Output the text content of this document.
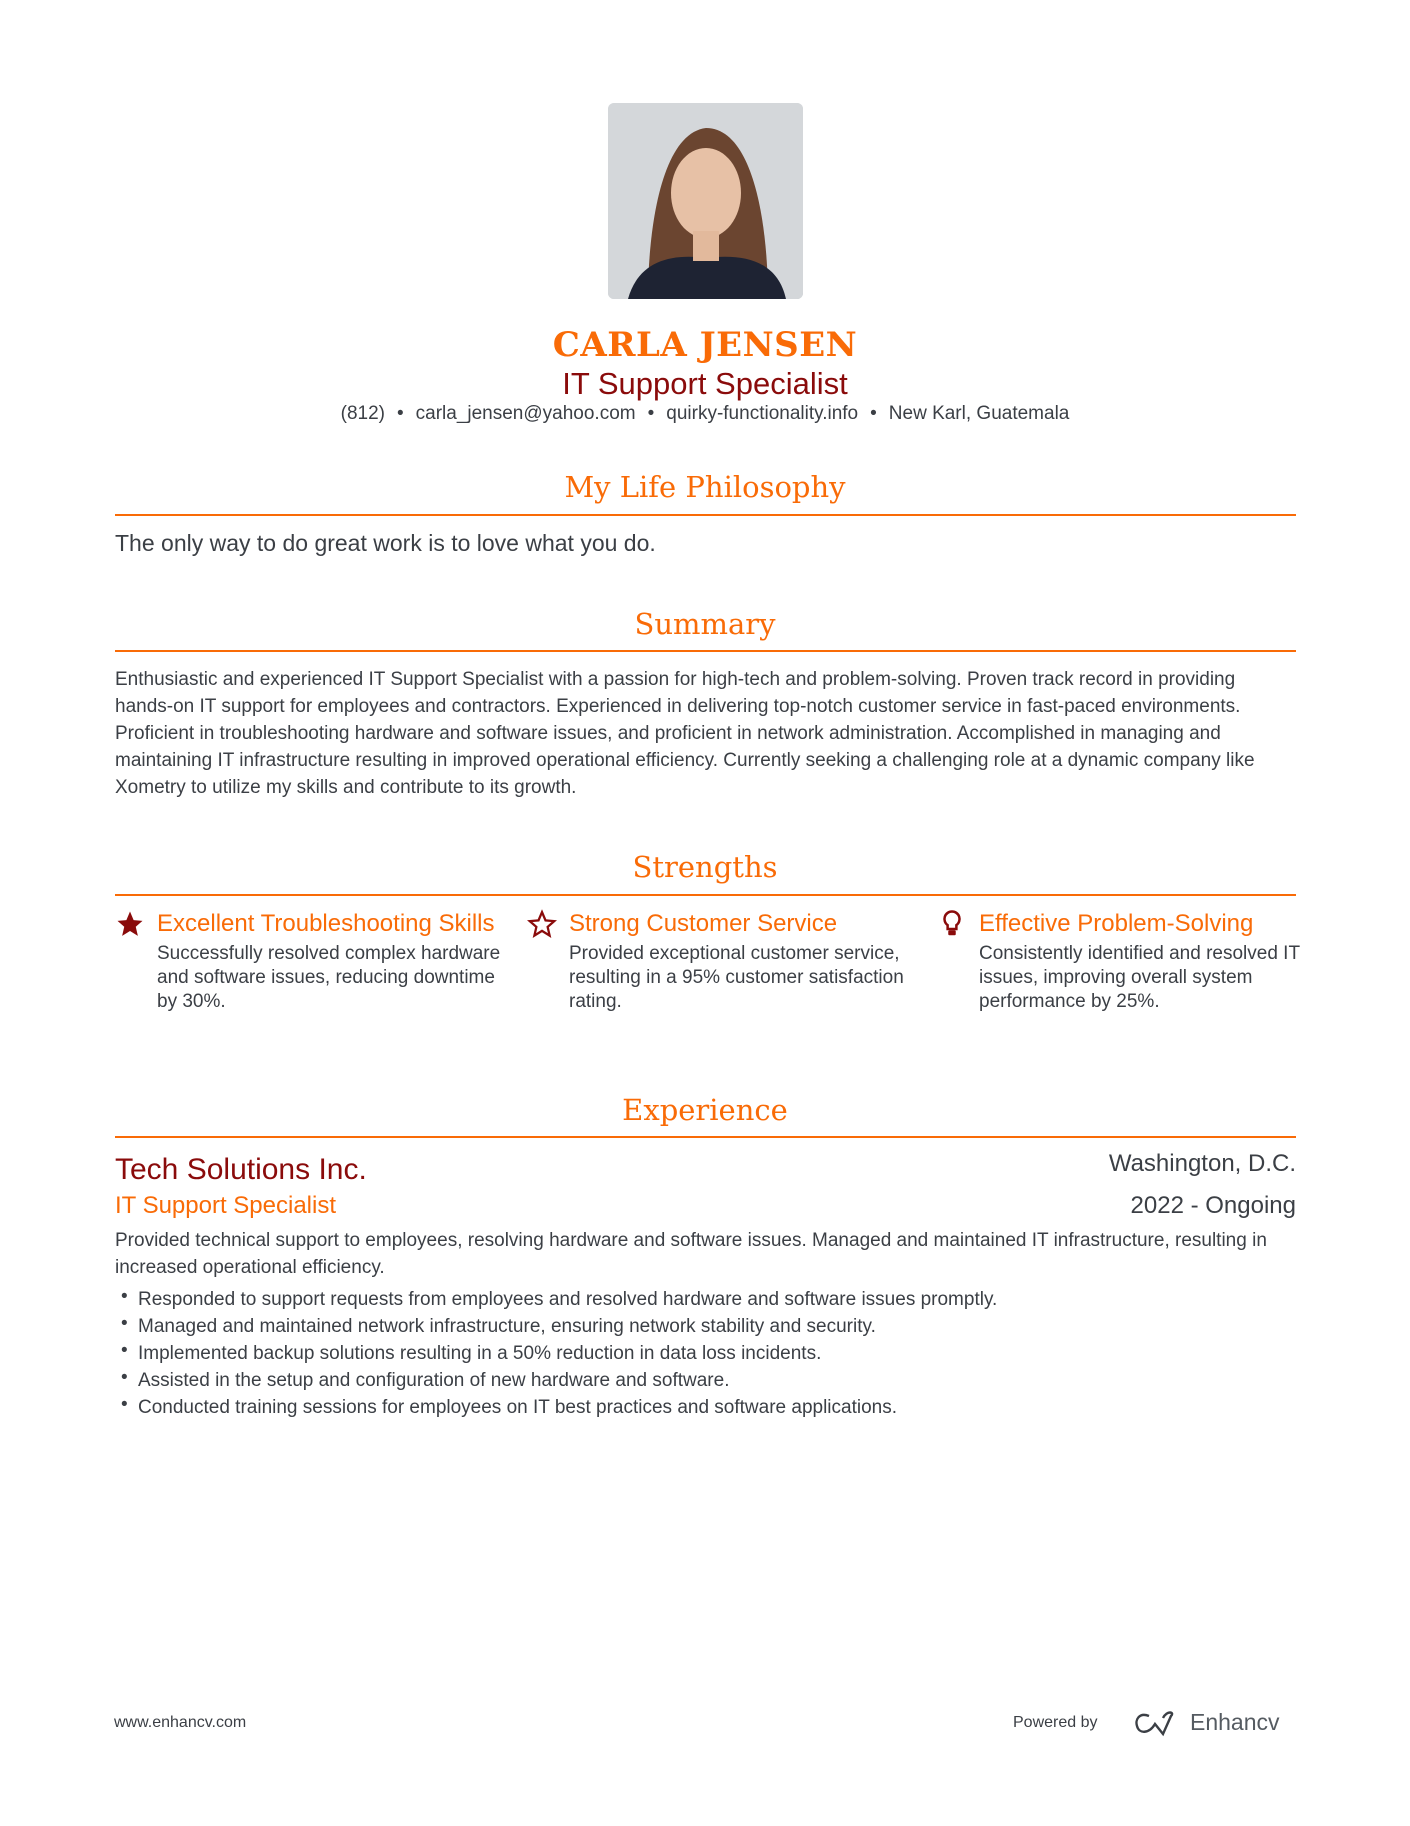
CARLA JENSEN
IT Support Specialist
(812) • carla_jensen@yahoo.com • quirky-functionality.info • New Karl, Guatemala
My Life Philosophy
The only way to do great work is to love what you do.
Summary
Enthusiastic and experienced IT Support Specialist with a passion for high-tech and problem-solving. Proven track record in providing hands-on IT support for employees and contractors. Experienced in delivering top-notch customer service in fast-paced environments. Proficient in troubleshooting hardware and software issues, and proficient in network administration. Accomplished in managing and maintaining IT infrastructure resulting in improved operational efficiency. Currently seeking a challenging role at a dynamic company like Xometry to utilize my skills and contribute to its growth.
Strengths
Excellent Troubleshooting Skills
Successfully resolved complex hardware and software issues, reducing downtime by 30%.
Strong Customer Service
Provided exceptional customer service, resulting in a 95% customer satisfaction rating.
Effective Problem-Solving
Consistently identified and resolved IT issues, improving overall system performance by 25%.
Experience
Tech Solutions Inc.	Washington, D.C.
IT Support Specialist	2022 - Ongoing
Provided technical support to employees, resolving hardware and software issues. Managed and maintained IT infrastructure, resulting in increased operational efficiency.
• Responded to support requests from employees and resolved hardware and software issues promptly.
• Managed and maintained network infrastructure, ensuring network stability and security.
• Implemented backup solutions resulting in a 50% reduction in data loss incidents.
• Assisted in the setup and configuration of new hardware and software.
• Conducted training sessions for employees on IT best practices and software applications.
www.enhancv.com	Powered by	Enhancv
